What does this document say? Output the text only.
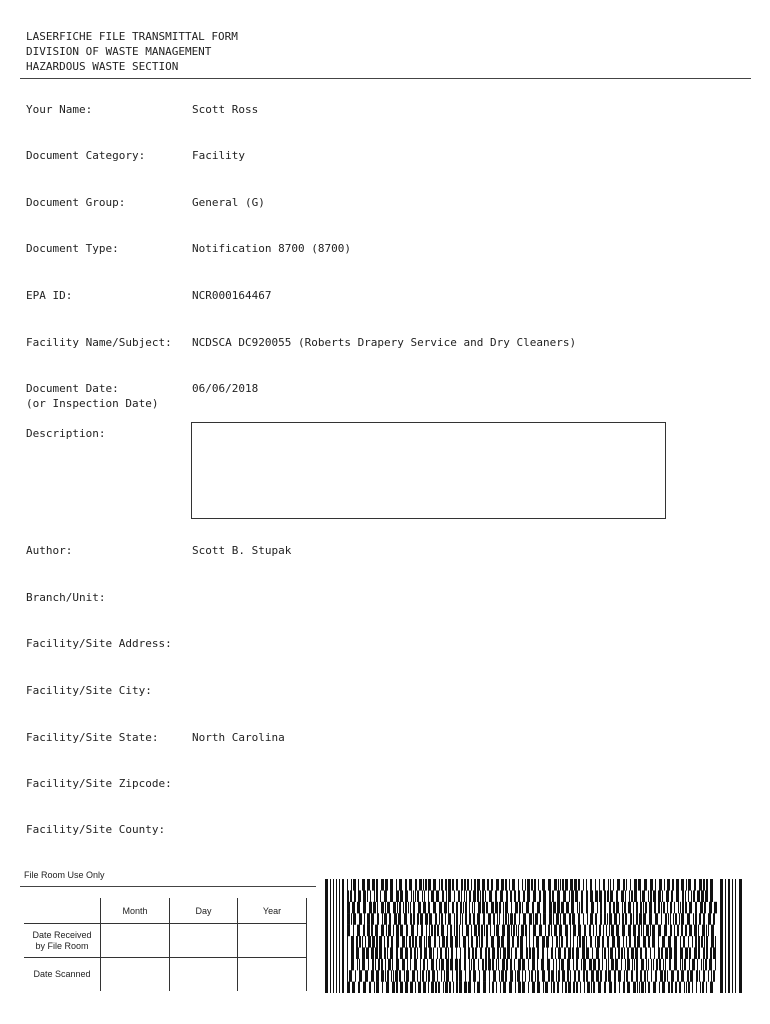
LASERFICHE FILE TRANSMITTAL FORM
DIVISION OF WASTE MANAGEMENT
HAZARDOUS WASTE SECTION
Your Name:	Scott Ross
Document Category:	Facility
Document Group:	General (G)
Document Type:	Notification 8700 (8700)
EPA ID:	NCR000164467
Facility Name/Subject: NCDSCA DC920055 (Roberts Drapery Service and Dry Cleaners)
Document Date:
(or Inspection Date)
06/06/2018
Description:
Author:	Scott B. Stupak
Branch/Unit:
Facility/Site Address:
Facility/Site City:
Facility/Site State:	North Carolina
Facility/Site Zipcode:
Facility/Site County:
File Room Use Only
	Month	Day	Year

Date Received
by File Room			

Date Scanned			
